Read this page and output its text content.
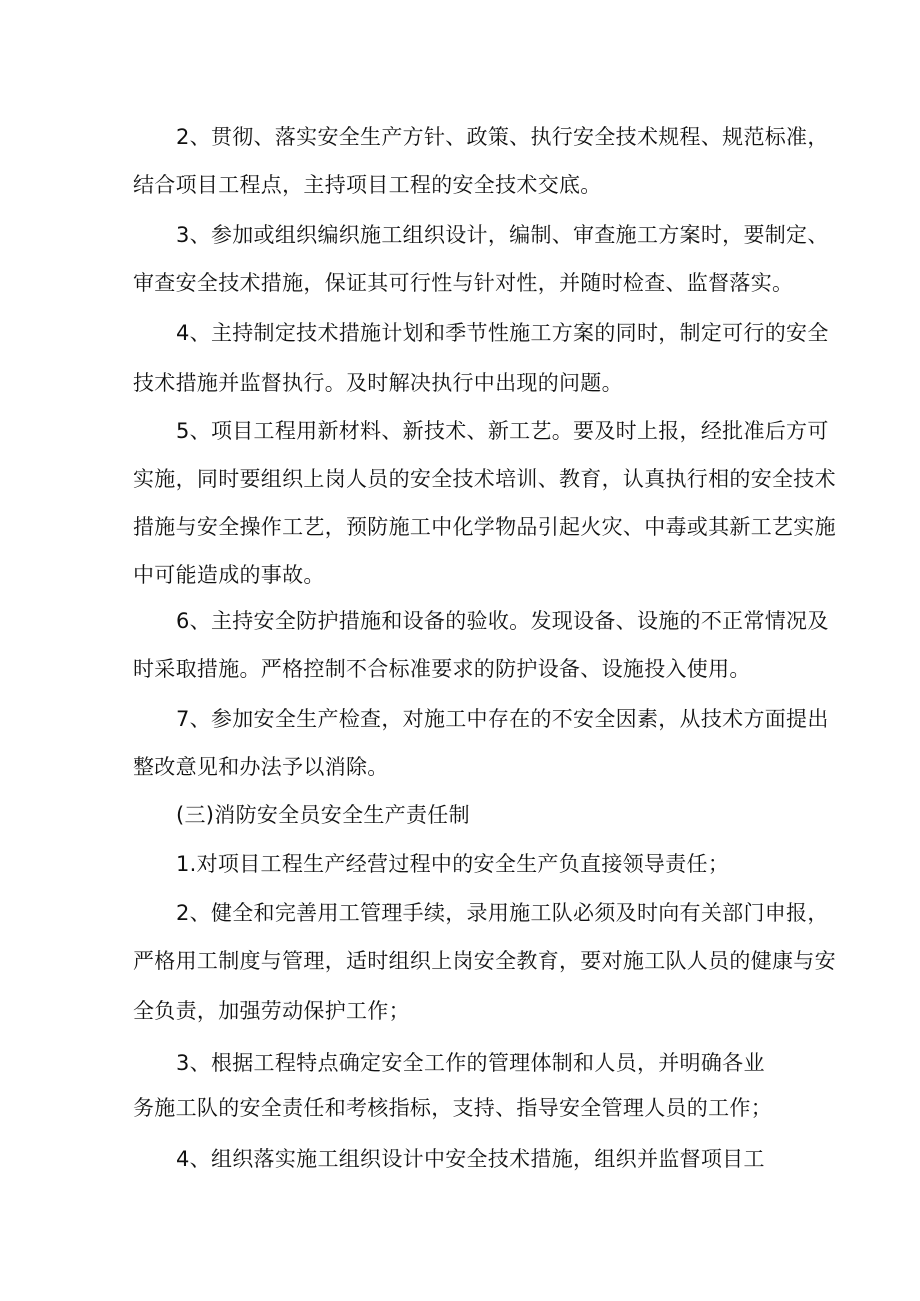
2、贯彻、落实安全生产方针、政策、执行安全技术规程、规范标准，
结合项目工程点，主持项目工程的安全技术交底。
3、参加或组织编织施工组织设计，编制、审查施工方案时，要制定、
审查安全技术措施，保证其可行性与针对性，并随时检查、监督落实。
4、主持制定技术措施计划和季节性施工方案的同时，制定可行的安全
技术措施并监督执行。及时解决执行中出现的问题。
5、项目工程用新材料、新技术、新工艺。要及时上报，经批准后方可
实施，同时要组织上岗人员的安全技术培训、教育，认真执行相的安全技术
措施与安全操作工艺，预防施工中化学物品引起火灾、中毒或其新工艺实施
中可能造成的事故。
6、主持安全防护措施和设备的验收。发现设备、设施的不正常情况及
时采取措施。严格控制不合标准要求的防护设备、设施投入使用。
7、参加安全生产检查，对施工中存在的不安全因素，从技术方面提出
整改意见和办法予以消除。
(三)消防安全员安全生产责任制
1.对项目工程生产经营过程中的安全生产负直接领导责任；
2、健全和完善用工管理手续，录用施工队必须及时向有关部门申报，
严格用工制度与管理，适时组织上岗安全教育，要对施工队人员的健康与安
全负责，加强劳动保护工作；
3、根据工程特点确定安全工作的管理体制和人员，并明确各业
务施工队的安全责任和考核指标，支持、指导安全管理人员的工作；
4、组织落实施工组织设计中安全技术措施，组织并监督项目工
